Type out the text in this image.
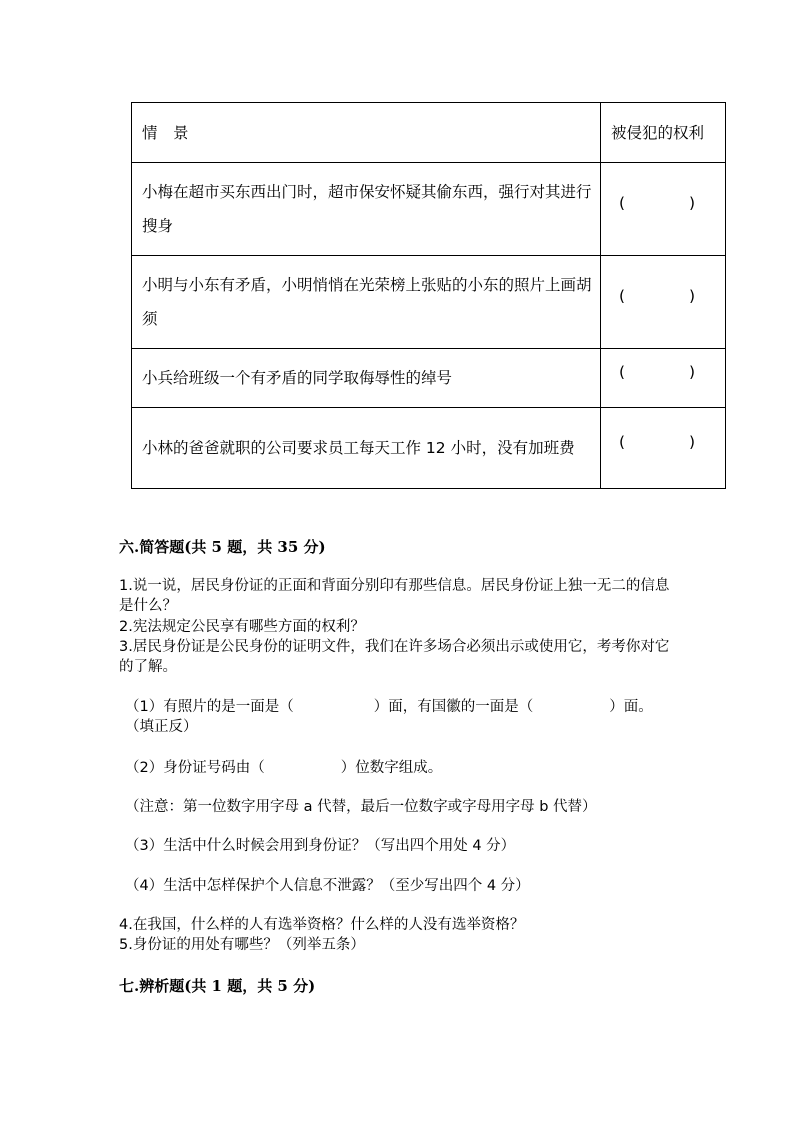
情　景	被侵犯的权利
小梅在超市买东西出门时，超市保安怀疑其偷东西，强行对其进行搜身	( )

小明与小东有矛盾，小明悄悄在光荣榜上张贴的小东的照片上画胡须	( )

小兵给班级一个有矛盾的同学取侮辱性的绰号	( )

小林的爸爸就职的公司要求员工每天工作 12 小时，没有加班费	( )
六.简答题(共 5 题，共 35 分)
1.说一说，居民身份证的正面和背面分别印有那些信息。居民身份证上独一无二的信息是什么？
2.宪法规定公民享有哪些方面的权利？
3.居民身份证是公民身份的证明文件，我们在许多场合必须出示或使用它，考考你对它的了解。
（1）有照片的是一面是（	）面，有国徽的一面是（	）面。
（填正反）
（2）身份证号码由（	）位数字组成。
（注意：第一位数字用字母 a 代替，最后一位数字或字母用字母 b 代替）
（3）生活中什么时候会用到身份证？（写出四个用处 4 分）
（4）生活中怎样保护个人信息不泄露？（至少写出四个 4 分）
4.在我国，什么样的人有选举资格？什么样的人没有选举资格？
5.身份证的用处有哪些？（列举五条）
七.辨析题(共 1 题，共 5 分)
